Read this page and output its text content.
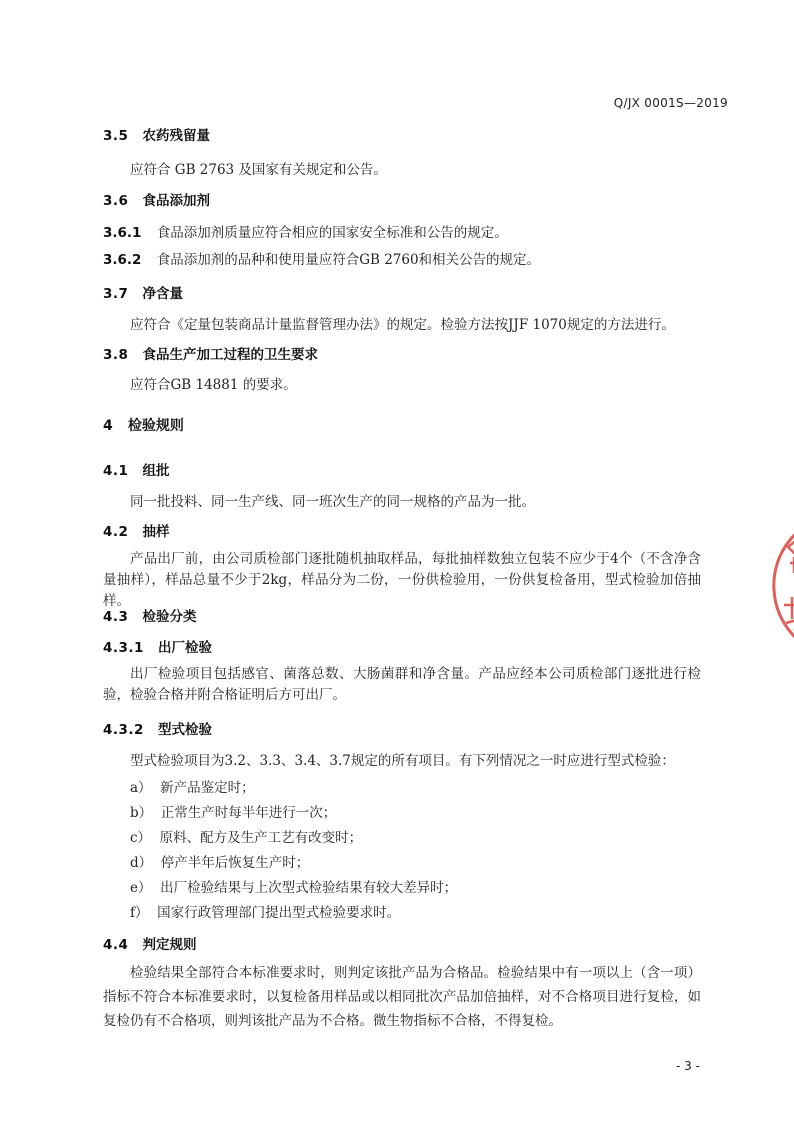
Q/JX 0001S—2019
3.5 农药残留量
应符合 GB 2763 及国家有关规定和公告。
3.6 食品添加剂
3.6.1 食品添加剂质量应符合相应的国家安全标准和公告的规定。
3.6.2 食品添加剂的品种和使用量应符合GB 2760和相关公告的规定。
3.7 净含量
应符合《定量包装商品计量监督管理办法》的规定。检验方法按JJF 1070规定的方法进行。
3.8 食品生产加工过程的卫生要求
应符合GB 14881 的要求。
4 检验规则
4.1 组批
同一批投料、同一生产线、同一班次生产的同一规格的产品为一批。
4.2 抽样
产品出厂前，由公司质检部门逐批随机抽取样品，每批抽样数独立包装不应少于4个（不含净含量抽样），样品总量不少于2kg，样品分为二份，一份供检验用，一份供复检备用，型式检验加倍抽样。
4.3 检验分类
4.3.1 出厂检验
出厂检验项目包括感官、菌落总数、大肠菌群和净含量。产品应经本公司质检部门逐批进行检验，检验合格并附合格证明后方可出厂。
4.3.2 型式检验
型式检验项目为3.2、3.3、3.4、3.7规定的所有项目。有下列情况之一时应进行型式检验：
a） 新产品鉴定时；
b） 正常生产时每半年进行一次；
c） 原料、配方及生产工艺有改变时；
d） 停产半年后恢复生产时；
e） 出厂检验结果与上次型式检验结果有较大差异时；
f） 国家行政管理部门提出型式检验要求时。
4.4 判定规则
检验结果全部符合本标准要求时，则判定该批产品为合格品。检验结果中有一项以上（含一项）指标不符合本标准要求时，以复检备用样品或以相同批次产品加倍抽样，对不合格项目进行复检，如复检仍有不合格项，则判该批产品为不合格。微生物指标不合格，不得复检。
- 3 -
